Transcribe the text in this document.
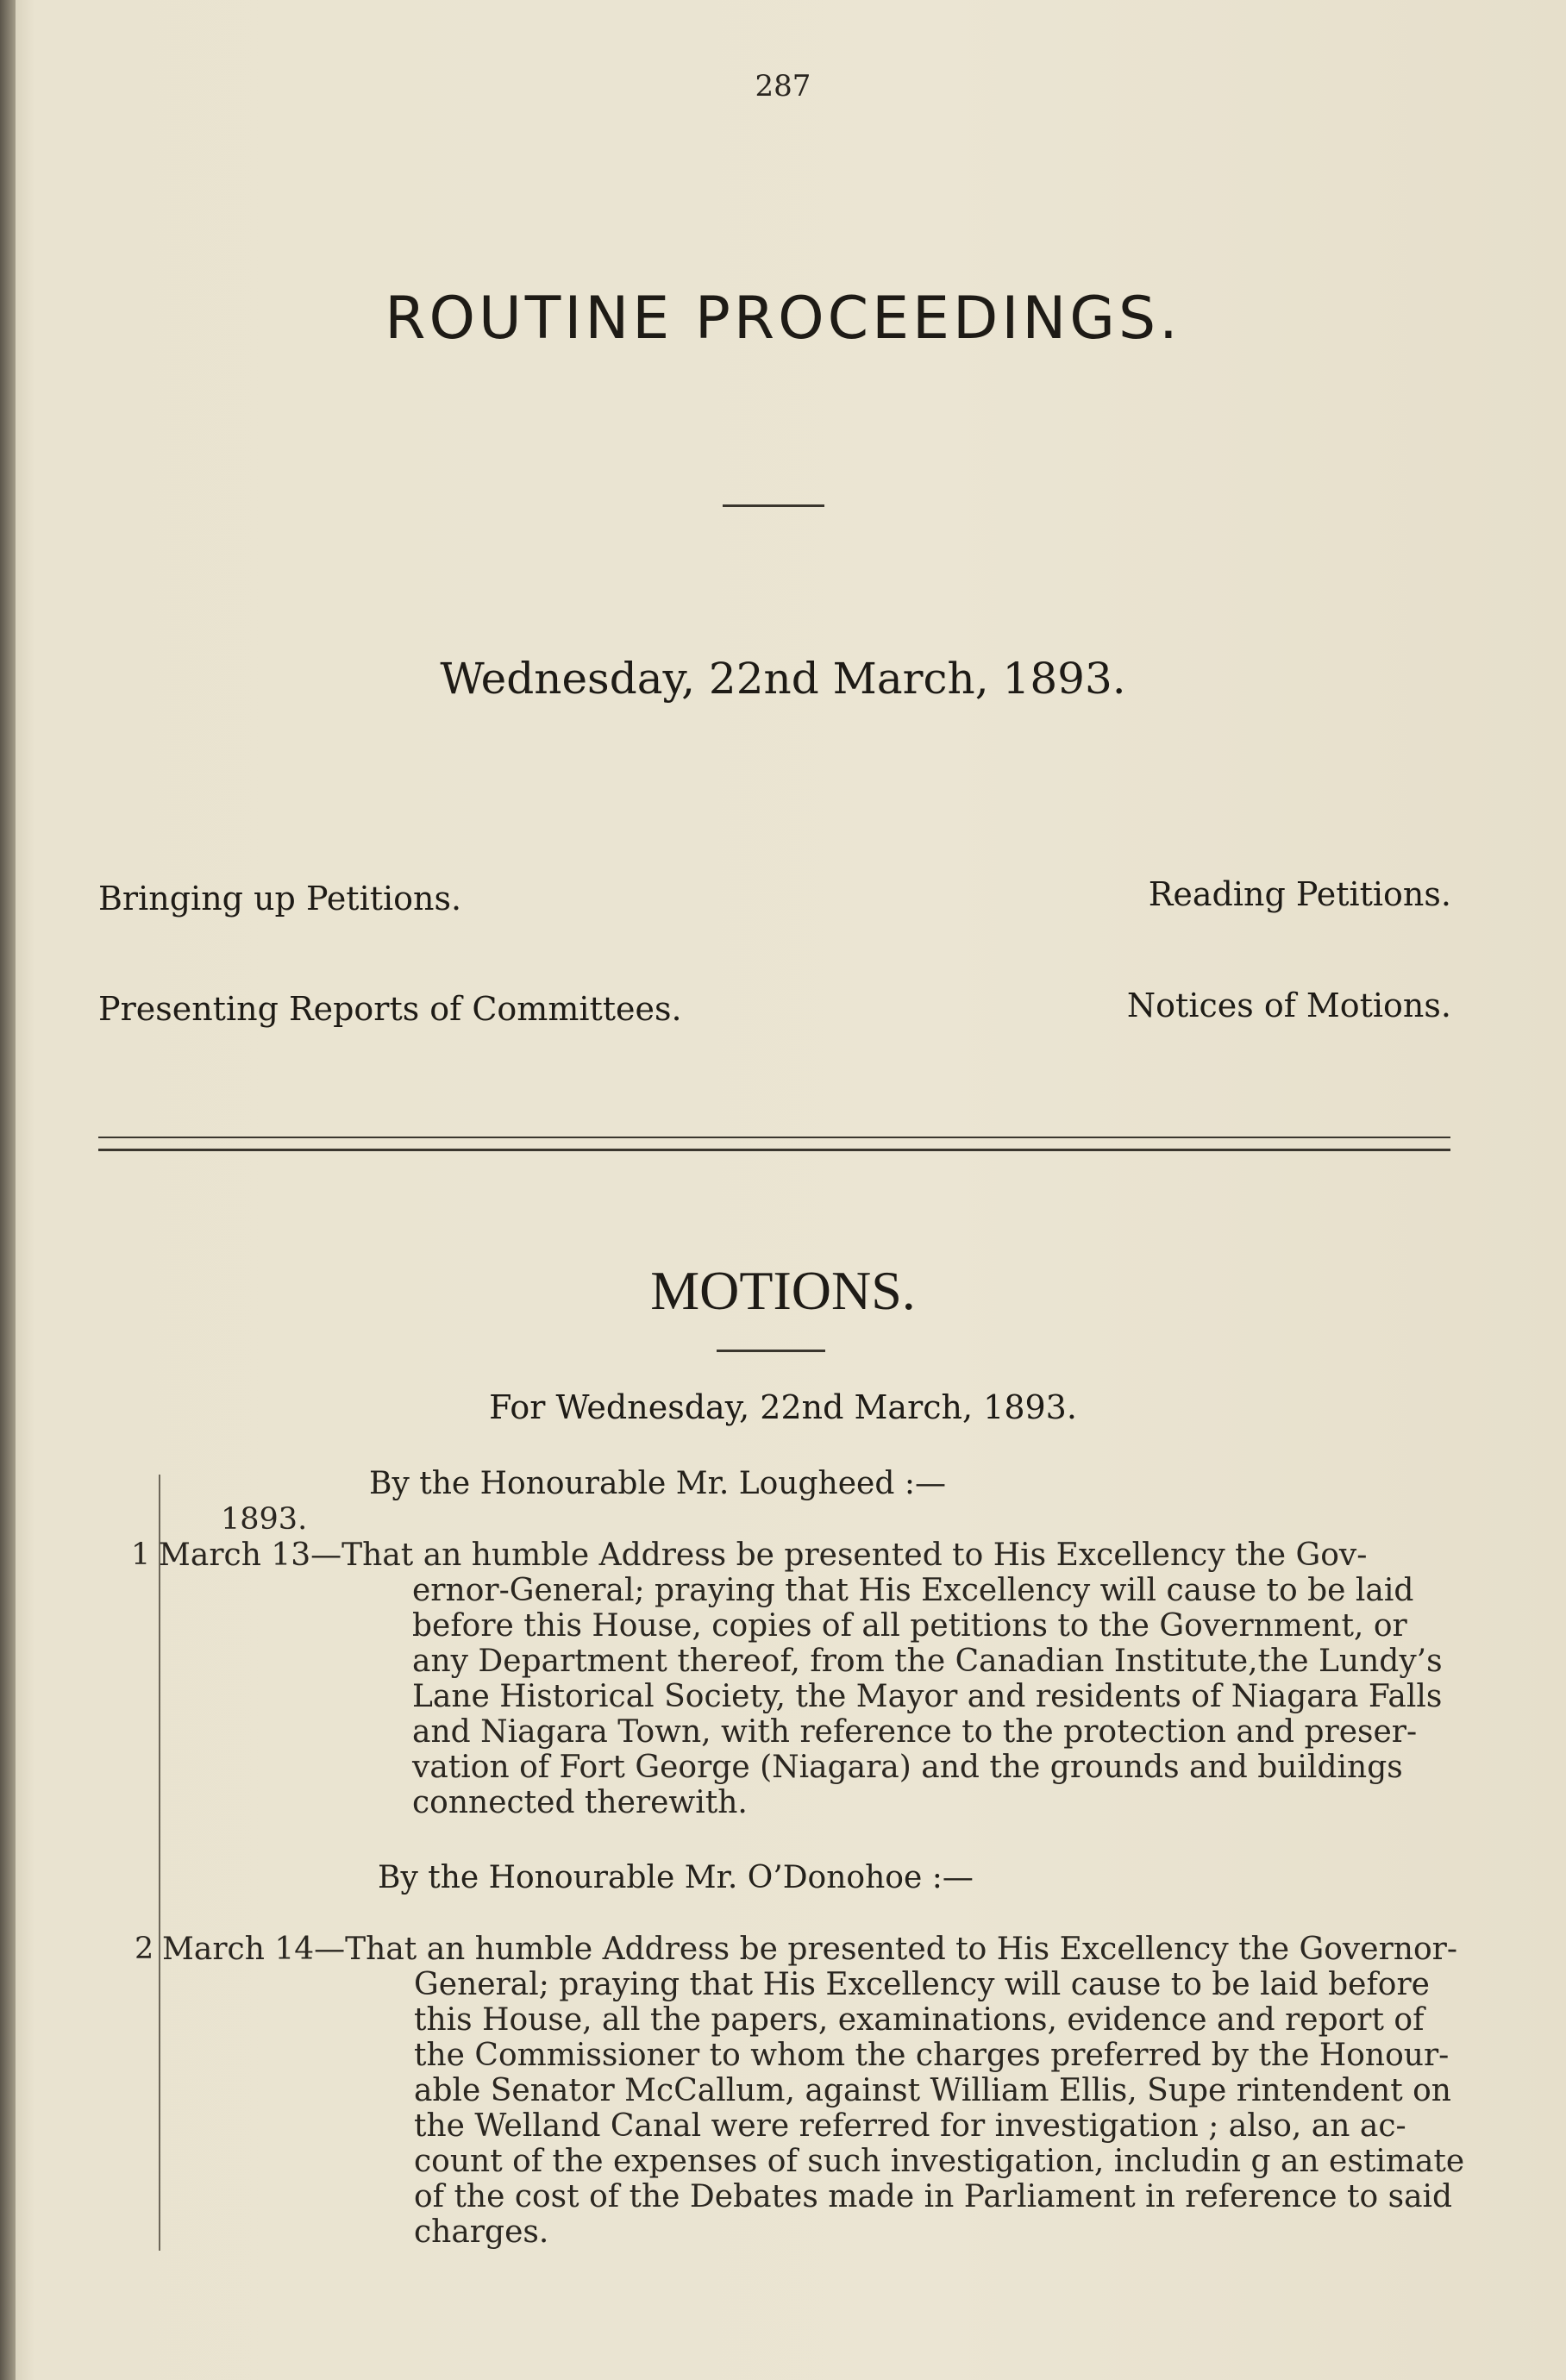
287
ROUTINE PROCEEDINGS.
Wednesday, 22nd March, 1893.
Bringing up Petitions.	Reading Petitions.
Presenting Reports of Committees.	Notices of Motions.
MOTIONS.
For Wednesday, 22nd March, 1893.
By the Honourable Mr. Lougheed :—
1893.
1 March 13—That an humble Address be presented to His Excellency the Gov-
ernor-General; praying that His Excellency will cause to be laid
before this House, copies of all petitions to the Government, or
any Department thereof, from the Canadian Institute,the Lundy’s
Lane Historical Society, the Mayor and residents of Niagara Falls
and Niagara Town, with reference to the protection and preser-
vation of Fort George (Niagara) and the grounds and buildings
connected therewith.
By the Honourable Mr. O’Donohoe :—
2 March 14—That an humble Address be presented to His Excellency the Governor-
General; praying that His Excellency will cause to be laid before
this House, all the papers, examinations, evidence and report of
the Commissioner to whom the charges preferred by the Honour-
able Senator McCallum, against William Ellis, Supe rintendent on
the Welland Canal were referred for investigation ; also, an ac-
count of the expenses of such investigation, includin g an estimate
of the cost of the Debates made in Parliament in reference to said
charges.
